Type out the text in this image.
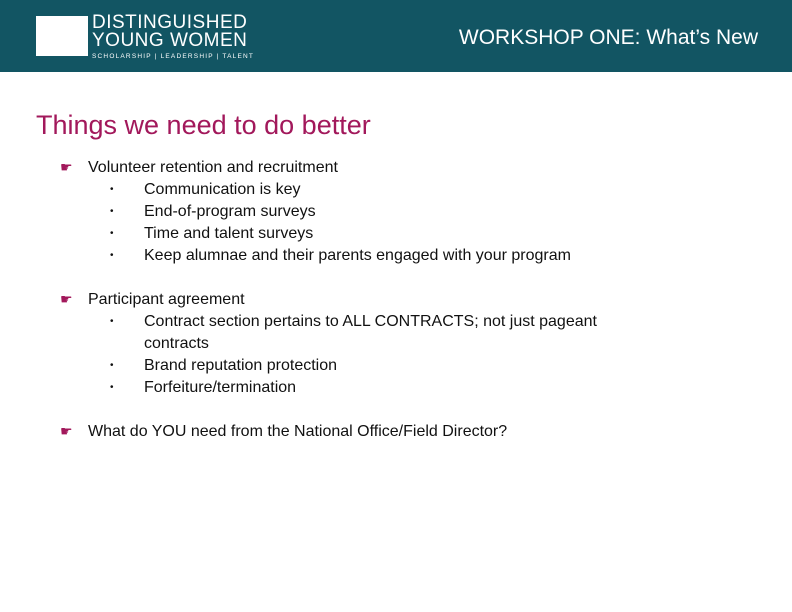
DISTINGUISHED
YOUNG WOMEN
SCHOLARSHIP | LEADERSHIP | TALENT
WORKSHOP ONE: What’s New
Things we need to do better
☛ Volunteer retention and recruitment
•	Communication is key
•	End-of-program surveys
•	Time and talent surveys
•	Keep alumnae and their parents engaged with your program
☛ Participant agreement
•	Contract section pertains to ALL CONTRACTS; not just pageant contracts
•	Brand reputation protection
•	Forfeiture/termination
☛ What do YOU need from the National Office/Field Director?
